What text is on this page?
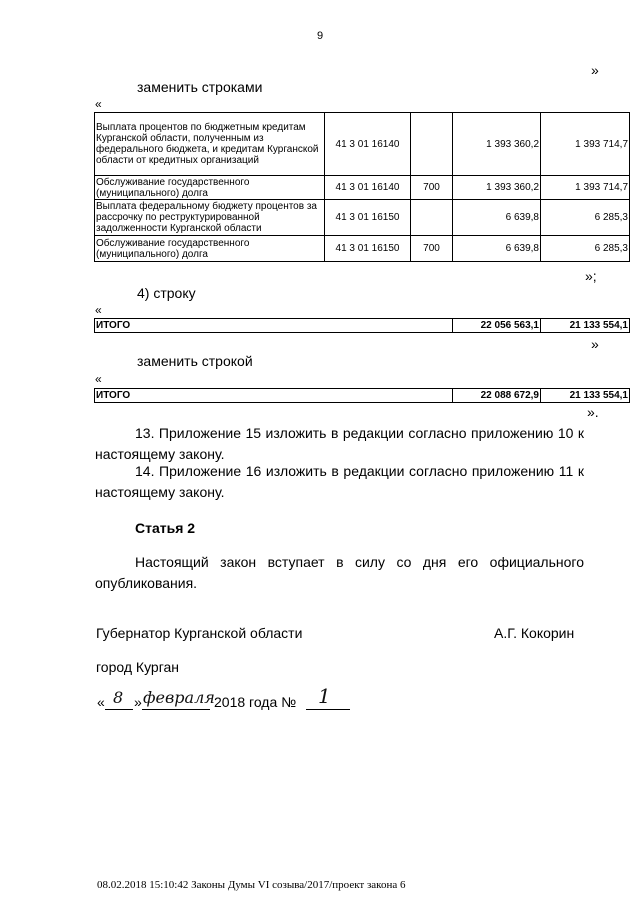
9
»
заменить строками
«
Выплата процентов по бюджетным кредитам Курганской области, полученным из федерального бюджета, и кредитам Курганской области от кредитных организаций	41 3 01 16140		1 393 360,2	1 393 714,7
Обслуживание государственного (муниципального) долга	41 3 01 16140	700	1 393 360,2	1 393 714,7
Выплата федеральному бюджету процентов за рассрочку по реструктурированной задолженности Курганской области	41 3 01 16150		6 639,8	6 285,3
Обслуживание государственного (муниципального) долга	41 3 01 16150	700	6 639,8	6 285,3
»;
4) строку
«
ИТОГО	22 056 563,1	21 133 554,1
»
заменить строкой
«
ИТОГО	22 088 672,9	21 133 554,1
».
13. Приложение 15 изложить в редакции согласно приложению 10 к настоящему закону.
14. Приложение 16 изложить в редакции согласно приложению 11 к настоящему закону.
Статья 2
Настоящий закон вступает в силу со дня его официального опубликования.
Губернатор Курганской области	А.Г. Кокорин
город Курган
« 8 » февраля 2018 года № 1
08.02.2018 15:10:42 Законы Думы VI созыва/2017/проект закона 6
